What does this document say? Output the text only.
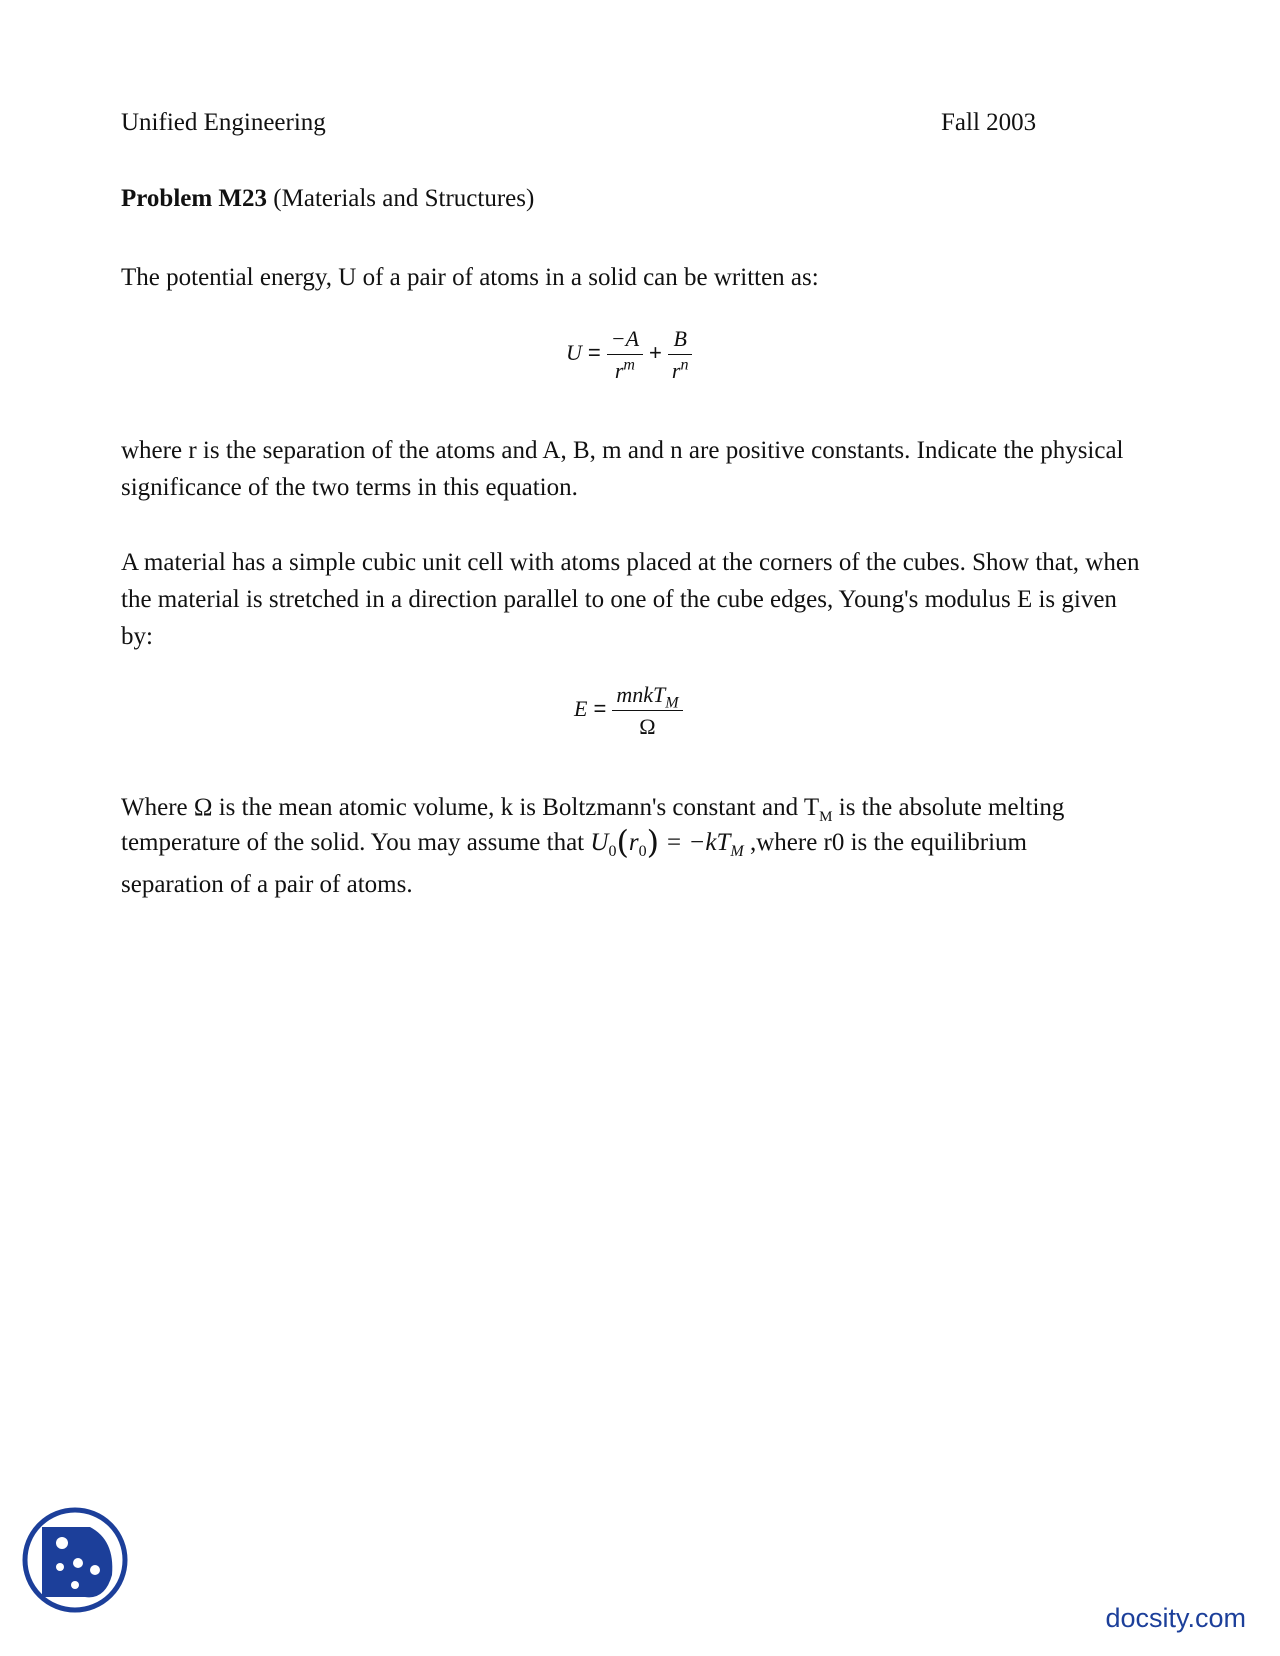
Unified Engineering	Fall 2003
Problem M23 (Materials and Structures)
The potential energy, U of a pair of atoms in a solid can be written as:
$U = \frac{-A}{r^m} + \frac{B}{r^n}$
where r is the separation of the atoms and A, B, m and n are positive constants. Indicate the physical significance of the two terms in this equation.
A material has a simple cubic unit cell with atoms placed at the corners of the cubes. Show that, when the material is stretched in a direction parallel to one of the cube edges, Young's modulus E is given by:
$E = \frac{mnkT_M}{\Omega}$
Where Ω is the mean atomic volume, k is Boltzmann's constant and $T_M$ is the absolute melting
temperature of the solid. You may assume that $U_0(r_0) = -kT_M$ ,where r0 is the equilibrium
separation of a pair of atoms.
docsity.com
